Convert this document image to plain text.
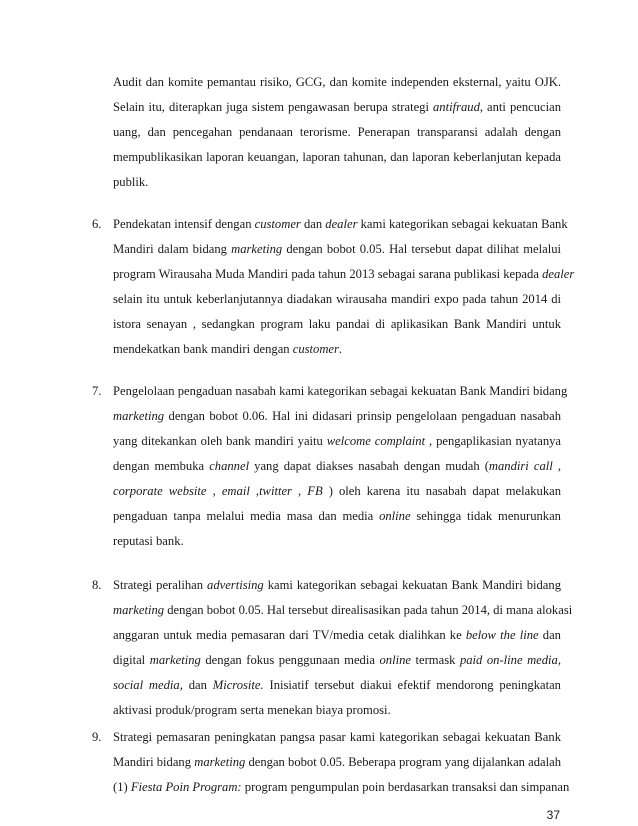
Audit dan komite pemantau risiko, GCG, dan komite independen eksternal, yaitu OJK.
Selain itu, diterapkan juga sistem pengawasan berupa strategi antifraud, anti pencucian
uang, dan pencegahan pendanaan terorisme. Penerapan transparansi adalah dengan
mempublikasikan laporan keuangan, laporan tahunan, dan laporan keberlanjutan kepada
publik.
6. Pendekatan intensif dengan customer dan dealer kami kategorikan sebagai kekuatan Bank
Mandiri dalam bidang marketing dengan bobot 0.05. Hal tersebut dapat dilihat melalui
program Wirausaha Muda Mandiri pada tahun 2013 sebagai sarana publikasi kepada dealer
selain itu untuk keberlanjutannya diadakan wirausaha mandiri expo pada tahun 2014 di
istora senayan , sedangkan program laku pandai di aplikasikan Bank Mandiri untuk
mendekatkan bank mandiri dengan customer.
7. Pengelolaan pengaduan nasabah kami kategorikan sebagai kekuatan Bank Mandiri bidang
marketing dengan bobot 0.06. Hal ini didasari prinsip pengelolaan pengaduan nasabah
yang ditekankan oleh bank mandiri yaitu welcome complaint , pengaplikasian nyatanya
dengan membuka channel yang dapat diakses nasabah dengan mudah (mandiri call ,
corporate website , email ,twitter , FB ) oleh karena itu nasabah dapat melakukan
pengaduan tanpa melalui media masa dan media online sehingga tidak menurunkan
reputasi bank.
8. Strategi peralihan advertising kami kategorikan sebagai kekuatan Bank Mandiri bidang
marketing dengan bobot 0.05. Hal tersebut direalisasikan pada tahun 2014, di mana alokasi
anggaran untuk media pemasaran dari TV/media cetak dialihkan ke below the line dan
digital marketing dengan fokus penggunaan media online termask paid on-line media,
social media, dan Microsite. Inisiatif tersebut diakui efektif mendorong peningkatan
aktivasi produk/program serta menekan biaya promosi.
9. Strategi pemasaran peningkatan pangsa pasar kami kategorikan sebagai kekuatan Bank
Mandiri bidang marketing dengan bobot 0.05. Beberapa program yang dijalankan adalah
(1) Fiesta Poin Program: program pengumpulan poin berdasarkan transaksi dan simpanan
37
